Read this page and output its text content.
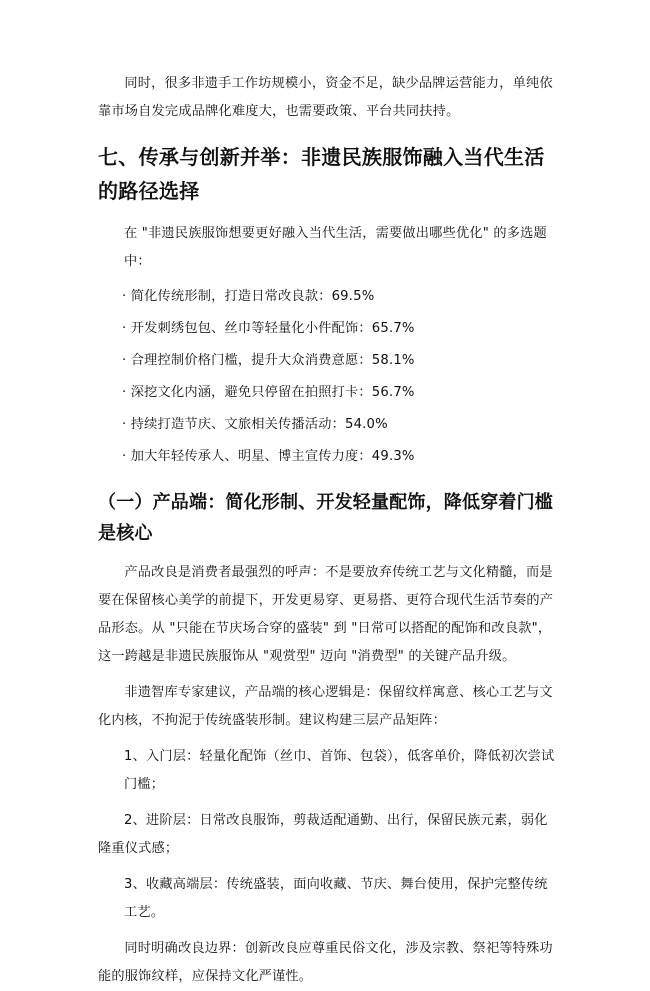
同时，很多非遗手工作坊规模小，资金不足，缺少品牌运营能力，单纯依靠市场自发完成品牌化难度大，也需要政策、平台共同扶持。

七、传承与创新并举：非遗民族服饰融入当代生活的路径选择

在 "非遗民族服饰想要更好融入当代生活，需要做出哪些优化" 的多选题中：

· 简化传统形制，打造日常改良款：69.5%
· 开发刺绣包包、丝巾等轻量化小件配饰：65.7%
· 合理控制价格门槛，提升大众消费意愿：58.1%
· 深挖文化内涵，避免只停留在拍照打卡：56.7%
· 持续打造节庆、文旅相关传播活动：54.0%
· 加大年轻传承人、明星、博主宣传力度：49.3%
（一）产品端：简化形制、开发轻量配饰，降低穿着门槛是核心

产品改良是消费者最强烈的呼声：不是要放弃传统工艺与文化精髓，而是要在保留核心美学的前提下，开发更易穿、更易搭、更符合现代生活节奏的产品形态。从 "只能在节庆场合穿的盛装" 到 "日常可以搭配的配饰和改良款"，这一跨越是非遗民族服饰从 "观赏型" 迈向 "消费型" 的关键产品升级。

非遗智库专家建议，产品端的核心逻辑是：保留纹样寓意、核心工艺与文化内核，不拘泥于传统盛装形制。建议构建三层产品矩阵：

1、入门层：轻量化配饰（丝巾、首饰、包袋），低客单价，降低初次尝试门槛；

2、进阶层：日常改良服饰，剪裁适配通勤、出行，保留民族元素，弱化隆重仪式感；

3、收藏高端层：传统盛装，面向收藏、节庆、舞台使用，保护完整传统工艺。

同时明确改良边界：创新改良应尊重民俗文化，涉及宗教、祭祀等特殊功能的服饰纹样，应保持文化严谨性。
